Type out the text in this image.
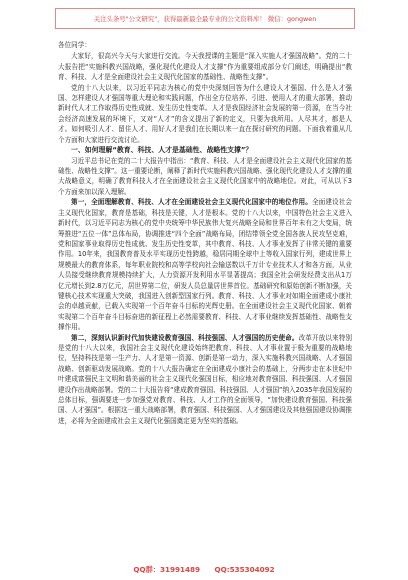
关注头条号"公文研究"，获得最新最全最专业的公文资料库！ 微信：gongwen

各位同学：

大家好，很高兴今天与大家进行交流。今天我授课的主题是“深入实施人才强国战略”。党的二十大报告把“实施科教兴国战略，强化现代化建设人才支撑”作为重要组成部分专门阐述，明确提出“教育、科技、人才是全面建设社会主义现代化国家的基础性、战略性支撑”。

党的十八大以来，以习近平同志为核心的党中央深刻回答为什么建设人才强国、什么是人才强国、怎样建设人才强国等重大理论和实践问题，作出全方位培养、引进、使用人才的重大部署，推动新时代人才工作取得历史性成就、发生历史性变革。人才是我国经济社会发展的第一资源，在当今社会经济高速发展的环境下，又对“人才”的含义提出了新的定义，只要为我所用。人尽其才，都是人才。如何吸引人才、留住人才、用好人才是我们在长期以来一直在探讨研究的问题。下面我着重从几个方面和大家进行交流讨论。

一、如何理解“教育、科技、人才是基础性、战略性支撑”？

习近平总书记在党的二十大报告中指出：“教育、科技、人才是全面建设社会主义现代化国家的基础性、战略性支撑”。这一重要论断，阐释了新时代实施科教兴国战略、强化现代化建设人才支撑的重大战略意义，明确了教育科技人才在全面建设社会主义现代化国家中的战略地位。对此，可从以下3个方面来加以深入理解。

第一，全面理解教育、科技、人才在全面建设社会主义现代化国家中的地位作用。全面建设社会主义现代化国家，教育是基础，科技是关键，人才是根本。党的十八大以来，中国特色社会主义进入新时代，以习近平同志为核心的党中央统筹中华民族伟大复兴战略全局和世界百年未有之大变局，统筹推进“五位一体”总体布局，协调推进“四个全面”战略布局，团结带领全党全国各族人民攻坚克难，党和国家事业取得历史性成就、发生历史性变革，其中教育、科技、人才事业发挥了非常关键的重要作用。10年来，我国教育普及水平实现历史性跨越，稳居同期全球中上等收入国家行列，建成世界上规模最大的教育体系，每年职业院校和高等学校向社会输送数以千万计专业技术人才和各方面，从业人员接受继续教育规模持续扩大，人力资源开发利用水平显著提高；我国全社会研发经费支出从1万亿元增长到2.8万亿元，居世界第二位，研发人员总量居世界首位。基础研究和原始创新不断加强，关键核心技术实现重大突破，我国进入创新型国家行列。教育、科技、人才事业对如期全面建成小康社会的卓越贡献，已载入实现第一个百年奋斗目标的光辉史册。在全面建设社会主义现代化国家、朝着实现第二个百年奋斗目标奋进的新征程上必然需要教育、科技、人才事业继续发挥基础性、战略性支撑作用。

第二，深刻认识新时代加快建设教育强国、科技强国、人才强国的历史使命。改革开放以来特别是党的十八大以来，我国社会主义现代化建设始终把教育、科技、人才事业置于极为重要的战略地位，坚持科技是第一生产力、人才是第一资源、创新是第一动力，深入实施科教兴国战略、人才强国战略、创新驱动发展战略。党的十八大报告确定在全面建成小康社会的基础上，分两步走在本世纪中叶建成富强民主文明和谐美丽的社会主义现代化强国目标，相应地对教育强国、科技强国、人才强国建设作出战略部署。党的二十大报告将“建成教育强国、科技强国、人才强国”纳入2035年我国发展的总体目标，强调要进一步加强党对教育、科技、人才工作的全面领导，“加快建设教育强国、科技强国、人才强国”。根据这一重大战略部署，教育强国、科技强国、人才强国建设及其他强国建设协调推进，必将为全面建成社会主义现代化强国奠定更为坚实的基础。

QQ群：31991489 QQ:535304092
